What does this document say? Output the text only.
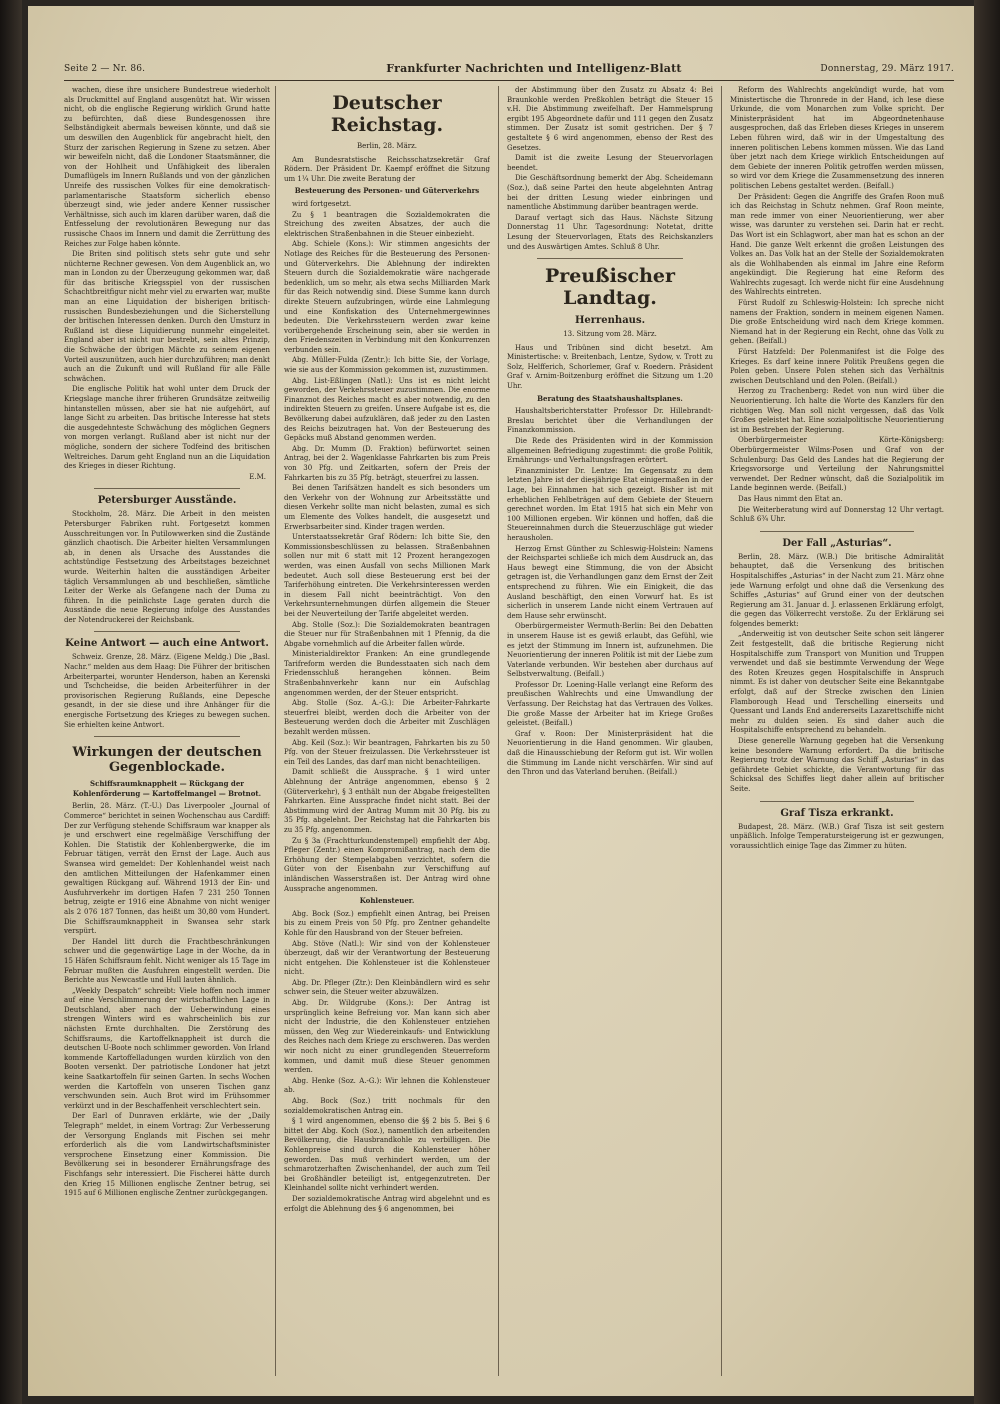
Seite 2 — Nr. 86.	Frankfurter Nachrichten und Intelligenz-Blatt	Donnerstag, 29. März 1917.

wachen, diese ihre unsichere Bundestreue wiederholt als Druckmittel auf England ausgenützt hat. Wir wissen nicht, ob die englische Regierung wirklich Grund hatte zu befürchten, daß diese Bundesgenossen ihre Selbständigkeit abermals beweisen könnte, und daß sie um deswillen den Augenblick für angebracht hielt, den Sturz der zarischen Regierung in Szene zu setzen. Aber wir beweifeln nicht, daß die Londoner Staatsmänner, die von der Hohlheit und Unfähigkeit des liberalen Dumaflügels im Innern Rußlands und von der gänzlichen Unreife des russischen Volkes für eine demokratisch-parlamentarische Staatsform sicherlich ebenso überzeugt sind, wie jeder andere Kenner russischer Verhältnisse, sich auch im klaren darüber waren, daß die Entfesselung der revolutionären Bewegung nur das russische Chaos im Innern und damit die Zerrüttung des Reiches zur Folge haben könnte.

Die Briten sind politisch stets sehr gute und sehr nüchterne Rechner gewesen. Von dem Augenblick an, wo man in London zu der Überzeugung gekommen war, daß für das britische Kriegsspiel von der russischen Schachtbreitfigur nicht mehr viel zu erwarten war, mußte man an eine Liquidation der bisherigen britisch-russischen Bundesbeziehungen und die Sicherstellung der britischen Interessen denken. Durch den Umsturz in Rußland ist diese Liquidierung nunmehr eingeleitet. England aber ist nicht nur bestrebt, sein altes Prinzip, die Schwäche der übrigen Mächte zu seinem eigenen Vorteil auszunützen, auch hier durchzuführen; man denkt auch an die Zukunft und will Rußland für alle Fälle schwächen.

Die englische Politik hat wohl unter dem Druck der Kriegslage manche ihrer früheren Grundsätze zeitweilig hintanstellen müssen, aber sie hat nie aufgehört, auf lange Sicht zu arbeiten. Das britische Interesse hat stets die ausgedehnteste Schwächung des möglichen Gegners von morgen verlangt. Rußland aber ist nicht nur der mögliche, sondern der sichere Todfeind des britischen Weltreiches. Darum geht England nun an die Liquidation des Krieges in dieser Richtung.

E.M.
Petersburger Ausstände.

Stockholm, 28. März. Die Arbeit in den meisten Petersburger Fabriken ruht. Fortgesetzt kommen Ausschreitungen vor. In Putilowwerken sind die Zustände gänzlich chaotisch. Die Arbeiter hielten Versammlungen ab, in denen als Ursache des Ausstandes die achtstündige Festsetzung des Arbeitstages bezeichnet wurde. Weiterhin halten die ausständigen Arbeiter täglich Versammlungen ab und beschließen, sämtliche Leiter der Werke als Gefangene nach der Duma zu führen. In die peinlichste Lage geraten durch die Ausstände die neue Regierung infolge des Ausstandes der Notendruckerei der Reichsbank.

Keine Antwort — auch eine Antwort.

Schweiz. Grenze, 28. März. (Eigene Meldg.) Die „Basl. Nachr.“ melden aus dem Haag: Die Führer der britischen Arbeiterpartei, worunter Henderson, haben an Kerenski und Tschcheidse, die beiden Arbeiterführer in der provisorischen Regierung Rußlands, eine Depesche gesandt, in der sie diese und ihre Anhänger für die energische Fortsetzung des Krieges zu bewegen suchen. Sie erhielten keine Antwort.

Wirkungen der deutschen Gegenblockade.
Schiffsraumknappheit — Rückgang der Kohlenförderung — Kartoffelmangel — Brotnot.

Berlin, 28. März. (T.-U.) Das Liverpooler „Journal of Commerce“ berichtet in seinen Wochenschau aus Cardiff: Der zur Verfügung stehende Schiffsraum war knapper als je und erschwert eine regelmäßige Verschiffung der Kohlen. Die Statistik der Kohlenbergwerke, die im Februar tätigen, verrät den Ernst der Lage. Auch aus Swansea wird gemeldet: Der Kohlenhandel weist nach den amtlichen Mitteilungen der Hafenkammer einen gewaltigen Rückgang auf. Während 1913 der Ein- und Ausfuhrverkehr im dortigen Hafen 7 231 250 Tonnen betrug, zeigte er 1916 eine Abnahme von nicht weniger als 2 076 187 Tonnen, das heißt um 30,80 vom Hundert. Die Schiffsraumknappheit in Swansea sehr stark verspürt.

Der Handel litt durch die Frachtbeschränkungen schwer und die gegenwärtige Lage in der Woche, da in 15 Häfen Schiffsraum fehlt. Nicht weniger als 15 Tage im Februar mußten die Ausfuhren eingestellt werden. Die Berichte aus Newcastle und Hull lauten ähnlich.

„Weekly Despatch“ schreibt: Viele hoffen noch immer auf eine Verschlimmerung der wirtschaftlichen Lage in Deutschland, aber nach der Ueberwindung eines strengen Winters wird es wahrscheinlich bis zur nächsten Ernte durchhalten. Die Zerstörung des Schiffsraums, die Kartoffelknappheit ist durch die deutschen U-Boote noch schlimmer geworden. Von Irland kommende Kartoffelladungen wurden kürzlich von den Booten versenkt. Der patriotische Londoner hat jetzt keine Saatkartoffeln für seinen Garten. In sechs Wochen werden die Kartoffeln von unseren Tischen ganz verschwunden sein. Auch Brot wird im Frühsommer verkürzt und in der Beschaffenheit verschlechtert sein.

Der Earl of Dunraven erklärte, wie der „Daily Telegraph“ meldet, in einem Vortrag: Zur Verbesserung der Versorgung Englands mit Fischen sei mehr erforderlich als die vom Landwirtschaftsminister versprochene Einsetzung einer Kommission. Die Bevölkerung sei in besonderer Ernährungsfrage des Fischfangs sehr interessiert. Die Fischerei hätte durch den Krieg 15 Millionen englische Zentner betrug, sei 1915 auf 6 Millionen englische Zentner zurückgegangen.

Deutscher Reichstag.
Berlin, 28. März.

Am Bundesratstische Reichsschatzsekretär Graf Rödern. Der Präsident Dr. Kaempf eröffnet die Sitzung um 1¼ Uhr. Die zweite Beratung der

Besteuerung des Personen- und Güterverkehrs

wird fortgesetzt.

Zu § 1 beantragen die Sozialdemokraten die Streichung des zweiten Absatzes, der auch die elektrischen Straßenbahnen in die Steuer einbezieht.

Abg. Schiele (Kons.): Wir stimmen angesichts der Notlage des Reiches für die Besteuerung des Personen- und Güterverkehrs. Die Ablehnung der indirekten Steuern durch die Sozialdemokratie wäre nachgerade bedenklich, um so mehr, als etwa sechs Milliarden Mark für das Reich notwendig sind. Diese Summe kann durch direkte Steuern aufzubringen, würde eine Lahmlegung und eine Konfiskation des Unternehmergewinnes bedeuten. Die Verkehrssteuern werden zwar keine vorübergehende Erscheinung sein, aber sie werden in den Friedenszeiten in Verbindung mit den Konkurrenzen verbunden sein.

Abg. Müller-Fulda (Zentr.): Ich bitte Sie, der Vorlage, wie sie aus der Kommission gekommen ist, zuzustimmen.

Abg. List-Eßlingen (Natl.): Uns ist es nicht leicht geworden, der Verkehrssteuer zuzustimmen. Die enorme Finanznot des Reiches macht es aber notwendig, zu den indirekten Steuern zu greifen. Unsere Aufgabe ist es, die Bevölkerung dabei aufzuklären, daß jeder zu den Lasten des Reichs beizutragen hat. Von der Besteuerung des Gepäcks muß Abstand genommen werden.

Abg. Dr. Mumm (D. Fraktion) befürwortet seinen Antrag, bei der 2. Wagenklasse Fahrkarten bis zum Preis von 30 Pfg. und Zeitkarten, sofern der Preis der Fahrkarten bis zu 35 Pfg. beträgt, steuerfrei zu lassen.

Bei denen Tarifsätzen handelt es sich besonders um den Verkehr von der Wohnung zur Arbeitsstätte und diesen Verkehr sollte man nicht belasten, zumal es sich um Elemente des Volkes handelt, die ausgesetzt und Erwerbsarbeiter sind. Kinder tragen werden.

Unterstaatssekretär Graf Rödern: Ich bitte Sie, den Kommissionsbeschlüssen zu belassen. Straßenbahnen sollen nur mit 6 statt mit 12 Prozent herangezogen werden, was einen Ausfall von sechs Millionen Mark bedeutet. Auch soll diese Besteuerung erst bei der Tariferhöhung eintreten. Die Verkehrsinteressen werden in diesem Fall nicht beeinträchtigt. Von den Verkehrsunternehmungen dürfen allgemein die Steuer bei der Neuverteilung der Tarife abgeleitet werden.

Abg. Stolle (Soz.): Die Sozialdemokraten beantragen die Steuer nur für Straßenbahnen mit 1 Pfennig, da die Abgabe vornehmlich auf die Arbeiter fallen würde.

Ministerialdirektor Franken: An eine grundlegende Tarifreform werden die Bundesstaaten sich nach dem Friedensschluß herangehen können. Beim Straßenbahnverkehr kann nur ein Aufschlag angenommen werden, der der Steuer entspricht.

Abg. Stolle (Soz. A.-G.): Die Arbeiter-Fahrkarte steuerfrei bleibt, werden doch die Arbeiter von der Besteuerung werden doch die Arbeiter mit Zuschlägen bezahlt werden müssen.

Abg. Keil (Soz.): Wir beantragen, Fahrkarten bis zu 50 Pfg. von der Steuer freizulassen. Die Verkehrssteuer ist ein Teil des Landes, das darf man nicht benachteiligen.

Damit schließt die Aussprache. § 1 wird unter Ablehnung der Anträge angenommen, ebenso § 2 (Güterverkehr), § 3 enthält nun der Abgabe freigestellten Fahrkarten. Eine Aussprache findet nicht statt. Bei der Abstimmung wird der Antrag Mumm mit 30 Pfg. bis zu 35 Pfg. abgelehnt. Der Reichstag hat die Fahrkarten bis zu 35 Pfg. angenommen.

Zu § 3a (Frachtturkundenstempel) empfiehlt der Abg. Pfleger (Zentr.) einen Kompromißantrag, nach dem die Erhöhung der Stempelabgaben verzichtet, sofern die Güter von der Eisenbahn zur Verschiffung auf inländischen Wasserstraßen ist. Der Antrag wird ohne Aussprache angenommen.

Kohlensteuer.

Abg. Bock (Soz.) empfiehlt einen Antrag, bei Preisen bis zu einem Preis von 50 Pfg. pro Zentner gehandelte Kohle für den Hausbrand von der Steuer befreien.

Abg. Stöve (Natl.): Wir sind von der Kohlensteuer überzeugt, daß wir der Verantwortung der Besteuerung nicht entgehen. Die Kohlensteuer ist die Kohlensteuer nicht.

Abg. Dr. Pfleger (Ztr.): Den Kleinbändlern wird es sehr schwer sein, die Steuer weiter abzuwälzen.

Abg. Dr. Wildgrube (Kons.): Der Antrag ist ursprünglich keine Befreiung vor. Man kann sich aber nicht der Industrie, die den Kohlensteuer entziehen müssen, den Weg zur Wiedereinkaufs- und Entwicklung des Reiches nach dem Kriege zu erschweren. Das werden wir noch nicht zu einer grundlegenden Steuerreform kommen, und damit muß diese Steuer genommen werden.

Abg. Henke (Soz. A.-G.): Wir lehnen die Kohlensteuer ab.

Abg. Bock (Soz.) tritt nochmals für den sozialdemokratischen Antrag ein.

§ 1 wird angenommen, ebenso die §§ 2 bis 5. Bei § 6 bittet der Abg. Koch (Soz.), namentlich den arbeitenden Bevölkerung, die Hausbrandkohle zu verbilligen. Die Kohlenpreise sind durch die Kohlensteuer höher geworden. Das muß verhindert werden, um der schmarotzerhaften Zwischenhandel, der auch zum Teil bei Großhändler beteiligt ist, entgegenzutreten. Der Kleinhandel sollte nicht verhindert werden.

Der sozialdemokratische Antrag wird abgelehnt und es erfolgt die Ablehnung des § 6 angenommen, bei

der Abstimmung über den Zusatz zu Absatz 4: Bei Braunkohle werden Preßkohlen beträgt die Steuer 15 v.H. Die Abstimmung zweifelhaft. Der Hammelsprung ergibt 195 Abgeordnete dafür und 111 gegen den Zusatz stimmen. Der Zusatz ist somit gestrichen. Der § 7 gestaltete § 6 wird angenommen, ebenso der Rest des Gesetzes.

Damit ist die zweite Lesung der Steuervorlagen beendet.

Die Geschäftsordnung bemerkt der Abg. Scheidemann (Soz.), daß seine Partei den heute abgelehnten Antrag bei der dritten Lesung wieder einbringen und namentliche Abstimmung darüber beantragen werde.

Darauf vertagt sich das Haus. Nächste Sitzung Donnerstag 11 Uhr. Tagesordnung: Notetat, dritte Lesung der Steuervorlagen, Etats des Reichskanzlers und des Auswärtigen Amtes. Schluß 8 Uhr.

Preußischer Landtag.
Herrenhaus.
13. Sitzung vom 28. März.

Haus und Tribünen sind dicht besetzt. Am Ministertische: v. Breitenbach, Lentze, Sydow, v. Trott zu Solz, Helfferich, Schorlemer, Graf v. Roedern. Präsident Graf v. Arnim-Boitzenburg eröffnet die Sitzung um 1.20 Uhr.

Beratung des Staatshaushaltsplanes.

Haushaltsberichterstatter Professor Dr. Hillebrandt-Breslau berichtet über die Verhandlungen der Finanzkommission.

Die Rede des Präsidenten wird in der Kommission allgemeinen Befriedigung zugestimmt: die große Politik, Ernährungs- und Verhaltungsfragen erörtert.

Finanzminister Dr. Lentze: Im Gegensatz zu dem letzten Jahre ist der diesjährige Etat einigermaßen in der Lage, bei Einnahmen hat sich gezeigt. Bisher ist mit erheblichen Fehlbeträgen auf dem Gebiete der Steuern gerechnet worden. Im Etat 1915 hat sich ein Mehr von 100 Millionen ergeben. Wir können und hoffen, daß die Steuereinnahmen durch die Steuerzuschläge gut wieder herausholen.

Herzog Ernst Günther zu Schleswig-Holstein: Namens der Reichspartei schließe ich mich dem Ausdruck an, das Haus bewegt eine Stimmung, die von der Absicht getragen ist, die Verhandlungen ganz dem Ernst der Zeit entsprechend zu führen. Wie ein Einigkeit, die das Ausland beschäftigt, den einen Vorwurf hat. Es ist sicherlich in unserem Lande nicht einem Vertrauen auf dem Hause sehr erwünscht.

Oberbürgermeister Wermuth-Berlin: Bei den Debatten in unserem Hause ist es gewiß erlaubt, das Gefühl, wie es jetzt der Stimmung im Innern ist, aufzunehmen. Die Neuorientierung der inneren Politik ist mit der Liebe zum Vaterlande verbunden. Wir bestehen aber durchaus auf Selbstverwaltung. (Beifall.)

Professor Dr. Loening-Halle verlangt eine Reform des preußischen Wahlrechts und eine Umwandlung der Verfassung. Der Reichstag hat das Vertrauen des Volkes. Die große Masse der Arbeiter hat im Kriege Großes geleistet. (Beifall.)

Graf v. Roon: Der Ministerpräsident hat die Neuorientierung in die Hand genommen. Wir glauben, daß die Hinausschiebung der Reform gut ist. Wir wollen die Stimmung im Lande nicht verschärfen. Wir sind auf den Thron und das Vaterland beruhen. (Beifall.)

Reform des Wahlrechts angekündigt wurde, hat vom Ministertische die Thronrede in der Hand, ich lese diese Urkunde, die vom Monarchen zum Volke spricht. Der Ministerpräsident hat im Abgeordnetenhause ausgesprochen, daß das Erleben dieses Krieges in unserem Leben führen wird, daß wir in der Umgestaltung des inneren politischen Lebens kommen müssen. Wie das Land über jetzt nach dem Kriege wirklich Entscheidungen auf dem Gebiete der inneren Politik getroffen werden müssen, so wird vor dem Kriege die Zusammensetzung des inneren politischen Lebens gestaltet werden. (Beifall.)

Der Präsident: Gegen die Angriffe des Grafen Roon muß ich das Reichstag in Schutz nehmen. Graf Roon meinte, man rede immer von einer Neuorientierung, wer aber wisse, was darunter zu verstehen sei. Darin hat er recht. Das Wort ist ein Schlagwort, aber man hat es schon an der Hand. Die ganze Welt erkennt die großen Leistungen des Volkes an. Das Volk hat an der Stelle der Sozialdemokraten als die Wohlhabenden als einmal im Jahre eine Reform angekündigt. Die Regierung hat eine Reform des Wahlrechts zugesagt. Ich werde nicht für eine Ausdehnung des Wahlrechts eintreten.

Fürst Rudolf zu Schleswig-Holstein: Ich spreche nicht namens der Fraktion, sondern in meinem eigenen Namen. Die große Entscheidung wird nach dem Kriege kommen. Niemand hat in der Regierung ein Recht, ohne das Volk zu gehen. (Beifall.)

Fürst Hatzfeld: Der Polenmanifest ist die Folge des Krieges. Es darf keine innere Politik Preußens gegen die Polen geben. Unsere Polen stehen sich das Verhältnis zwischen Deutschland und den Polen. (Beifall.)

Herzog zu Trachenberg: Redet von nun wird über die Neuorientierung. Ich halte die Worte des Kanzlers für den richtigen Weg. Man soll nicht vergessen, daß das Volk Großes geleistet hat. Eine sozialpolitische Neuorientierung ist im Bestreben der Regierung.

Oberbürgermeister Körte-Königsberg: Oberbürgermeister Wilms-Posen und Graf von der Schulenburg: Das Geld des Landes hat die Regierung der Kriegsvorsorge und Verteilung der Nahrungsmittel verwendet. Der Redner wünscht, daß die Sozialpolitik im Lande beginnen werde. (Beifall.)

Das Haus nimmt den Etat an.

Die Weiterberatung wird auf Donnerstag 12 Uhr vertagt. Schluß 6¾ Uhr.

Der Fall „Asturias“.

Berlin, 28. März. (W.B.) Die britische Admiralität behauptet, daß die Versenkung des britischen Hospitalschiffes „Asturias“ in der Nacht zum 21. März ohne jede Warnung erfolgt und ohne daß die Versenkung des Schiffes „Asturias“ auf Grund einer von der deutschen Regierung am 31. Januar d. J. erlassenen Erklärung erfolgt, die gegen das Völkerrecht verstoße. Zu der Erklärung sei folgendes bemerkt:

„Anderweitig ist von deutscher Seite schon seit längerer Zeit festgestellt, daß die britische Regierung nicht Hospitalschiffe zum Transport von Munition und Truppen verwendet und daß sie bestimmte Verwendung der Wege des Roten Kreuzes gegen Hospitalschiffe in Anspruch nimmt. Es ist daher von deutscher Seite eine Bekanntgabe erfolgt, daß auf der Strecke zwischen den Linien Flamborough Head und Terschelling einerseits und Quessant und Lands End andererseits Lazarettschiffe nicht mehr zu dulden seien. Es sind daher auch die Hospitalschiffe entsprechend zu behandeln.

Diese generelle Warnung gegeben hat die Versenkung keine besondere Warnung erfordert. Da die britische Regierung trotz der Warnung das Schiff „Asturias“ in das gefährdete Gebiet schickte, die Verantwortung für das Schicksal des Schiffes liegt daher allein auf britischer Seite.

Graf Tisza erkrankt.

Budapest, 28. März. (W.B.) Graf Tisza ist seit gestern unpäßlich. Infolge Temperatursteigerung ist er gezwungen, voraussichtlich einige Tage das Zimmer zu hüten.
